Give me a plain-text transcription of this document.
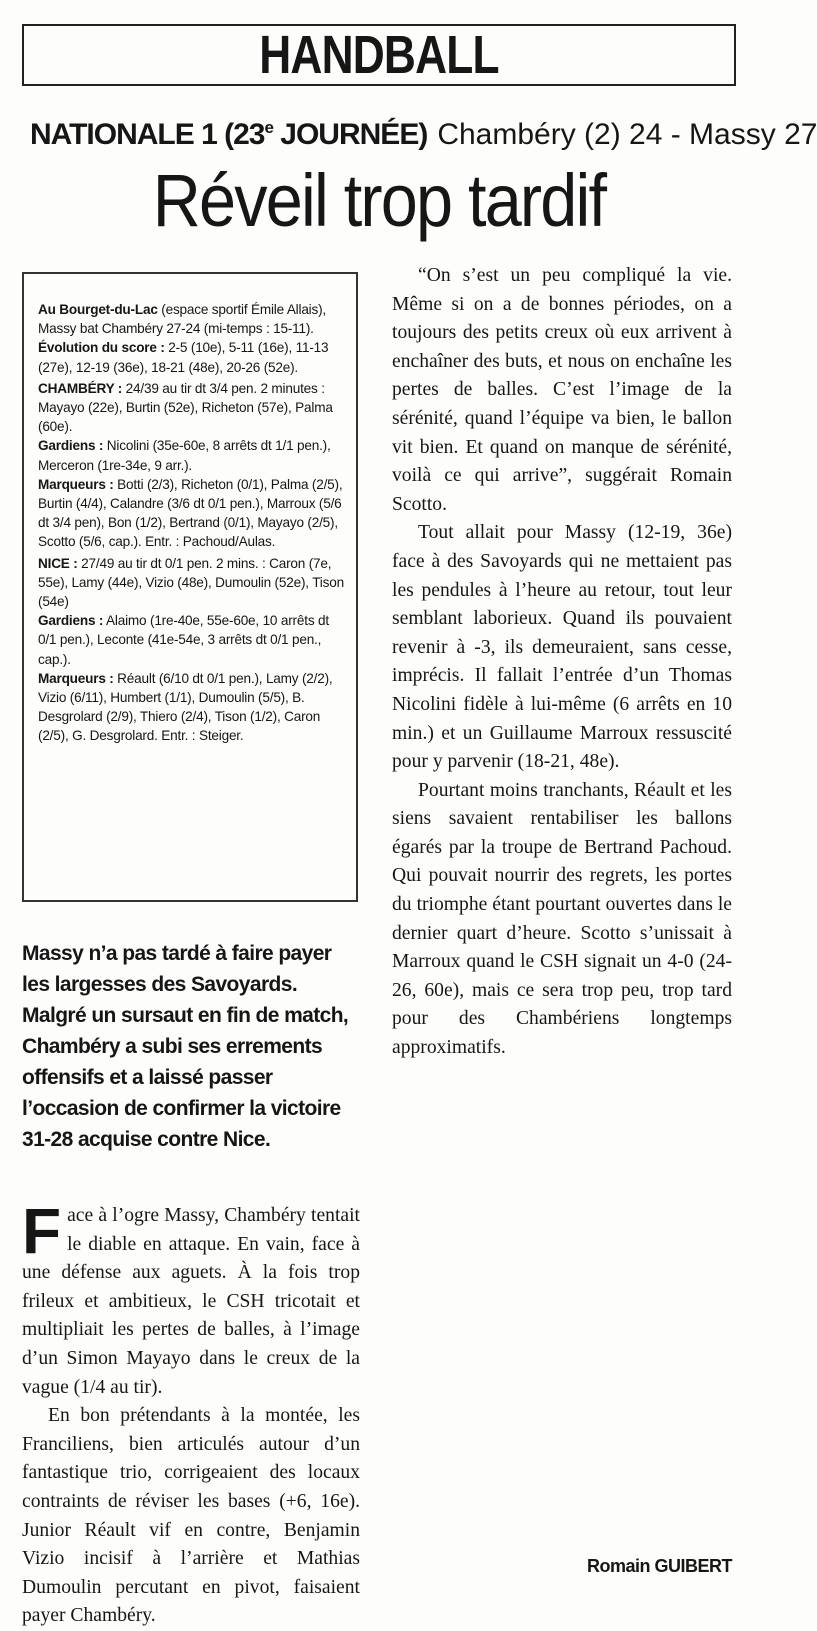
HANDBALL
NATIONALE 1 (23e JOURNÉE) Chambéry (2) 24 - Massy 27
Réveil trop tardif

Au Bourget-du-Lac (espace sportif Émile Allais), Massy bat Chambéry 27-24 (mi-temps : 15-11). Évolution du score : 2-5 (10e), 5-11 (16e), 11-13 (27e), 12-19 (36e), 18-21 (48e), 20-26 (52e).

CHAMBÉRY : 24/39 au tir dt 3/4 pen. 2 minutes : Mayayo (22e), Burtin (52e), Richeton (57e), Palma (60e).

Gardiens : Nicolini (35e-60e, 8 arrêts dt 1/1 pen.), Merceron (1re-34e, 9 arr.).

Marqueurs : Botti (2/3), Richeton (0/1), Palma (2/5), Burtin (4/4), Calandre (3/6 dt 0/1 pen.), Marroux (5/6 dt 3/4 pen), Bon (1/2), Bertrand (0/1), Mayayo (2/5), Scotto (5/6, cap.). Entr. : Pachoud/Aulas.

NICE : 27/49 au tir dt 0/1 pen. 2 mins. : Caron (7e, 55e), Lamy (44e), Vizio (48e), Dumoulin (52e), Tison (54e)

Gardiens : Alaimo (1re-40e, 55e-60e, 10 arrêts dt 0/1 pen.), Leconte (41e-54e, 3 arrêts dt 0/1 pen., cap.).

Marqueurs : Réault (6/10 dt 0/1 pen.), Lamy (2/2), Vizio (6/11), Humbert (1/1), Dumoulin (5/5), B. Desgrolard (2/9), Thiero (2/4), Tison (1/2), Caron (2/5), G. Desgrolard. Entr. : Steiger.

Massy n’a pas tardé à faire payer les largesses des Savoyards. Malgré un sursaut en fin de match, Chambéry a subi ses errements offensifs et a laissé passer l’occasion de confirmer la victoire 31-28 acquise contre Nice.

Face à l’ogre Massy, Chambéry tentait le diable en attaque. En vain, face à une défense aux aguets. À la fois trop frileux et ambitieux, le CSH tricotait et multipliait les pertes de balles, à l’image d’un Simon Mayayo dans le creux de la vague (1/4 au tir).

En bon prétendants à la montée, les Franciliens, bien articulés autour d’un fantastique trio, corrigeaient des locaux contraints de réviser les bases (+6, 16e). Junior Réault vif en contre, Benjamin Vizio incisif à l’arrière et Mathias Dumoulin percutant en pivot, faisaient payer Chambéry.

“On s’est un peu compliqué la vie. Même si on a de bonnes périodes, on a toujours des petits creux où eux arrivent à enchaîner des buts, et nous on enchaîne les pertes de balles. C’est l’image de la sérénité, quand l’équipe va bien, le ballon vit bien. Et quand on manque de sérénité, voilà ce qui arrive”, suggérait Romain Scotto.

Tout allait pour Massy (12-19, 36e) face à des Savoyards qui ne mettaient pas les pendules à l’heure au retour, tout leur semblant laborieux. Quand ils pouvaient revenir à -3, ils demeuraient, sans cesse, imprécis. Il fallait l’entrée d’un Thomas Nicolini fidèle à lui-même (6 arrêts en 10 min.) et un Guillaume Marroux ressuscité pour y parvenir (18-21, 48e).

Pourtant moins tranchants, Réault et les siens savaient rentabiliser les ballons égarés par la troupe de Bertrand Pachoud. Qui pouvait nourrir des regrets, les portes du triomphe étant pourtant ouvertes dans le dernier quart d’heure. Scotto s’unissait à Marroux quand le CSH signait un 4-0 (24-26, 60e), mais ce sera trop peu, trop tard pour des Chambériens longtemps approximatifs.

Romain GUIBERT
